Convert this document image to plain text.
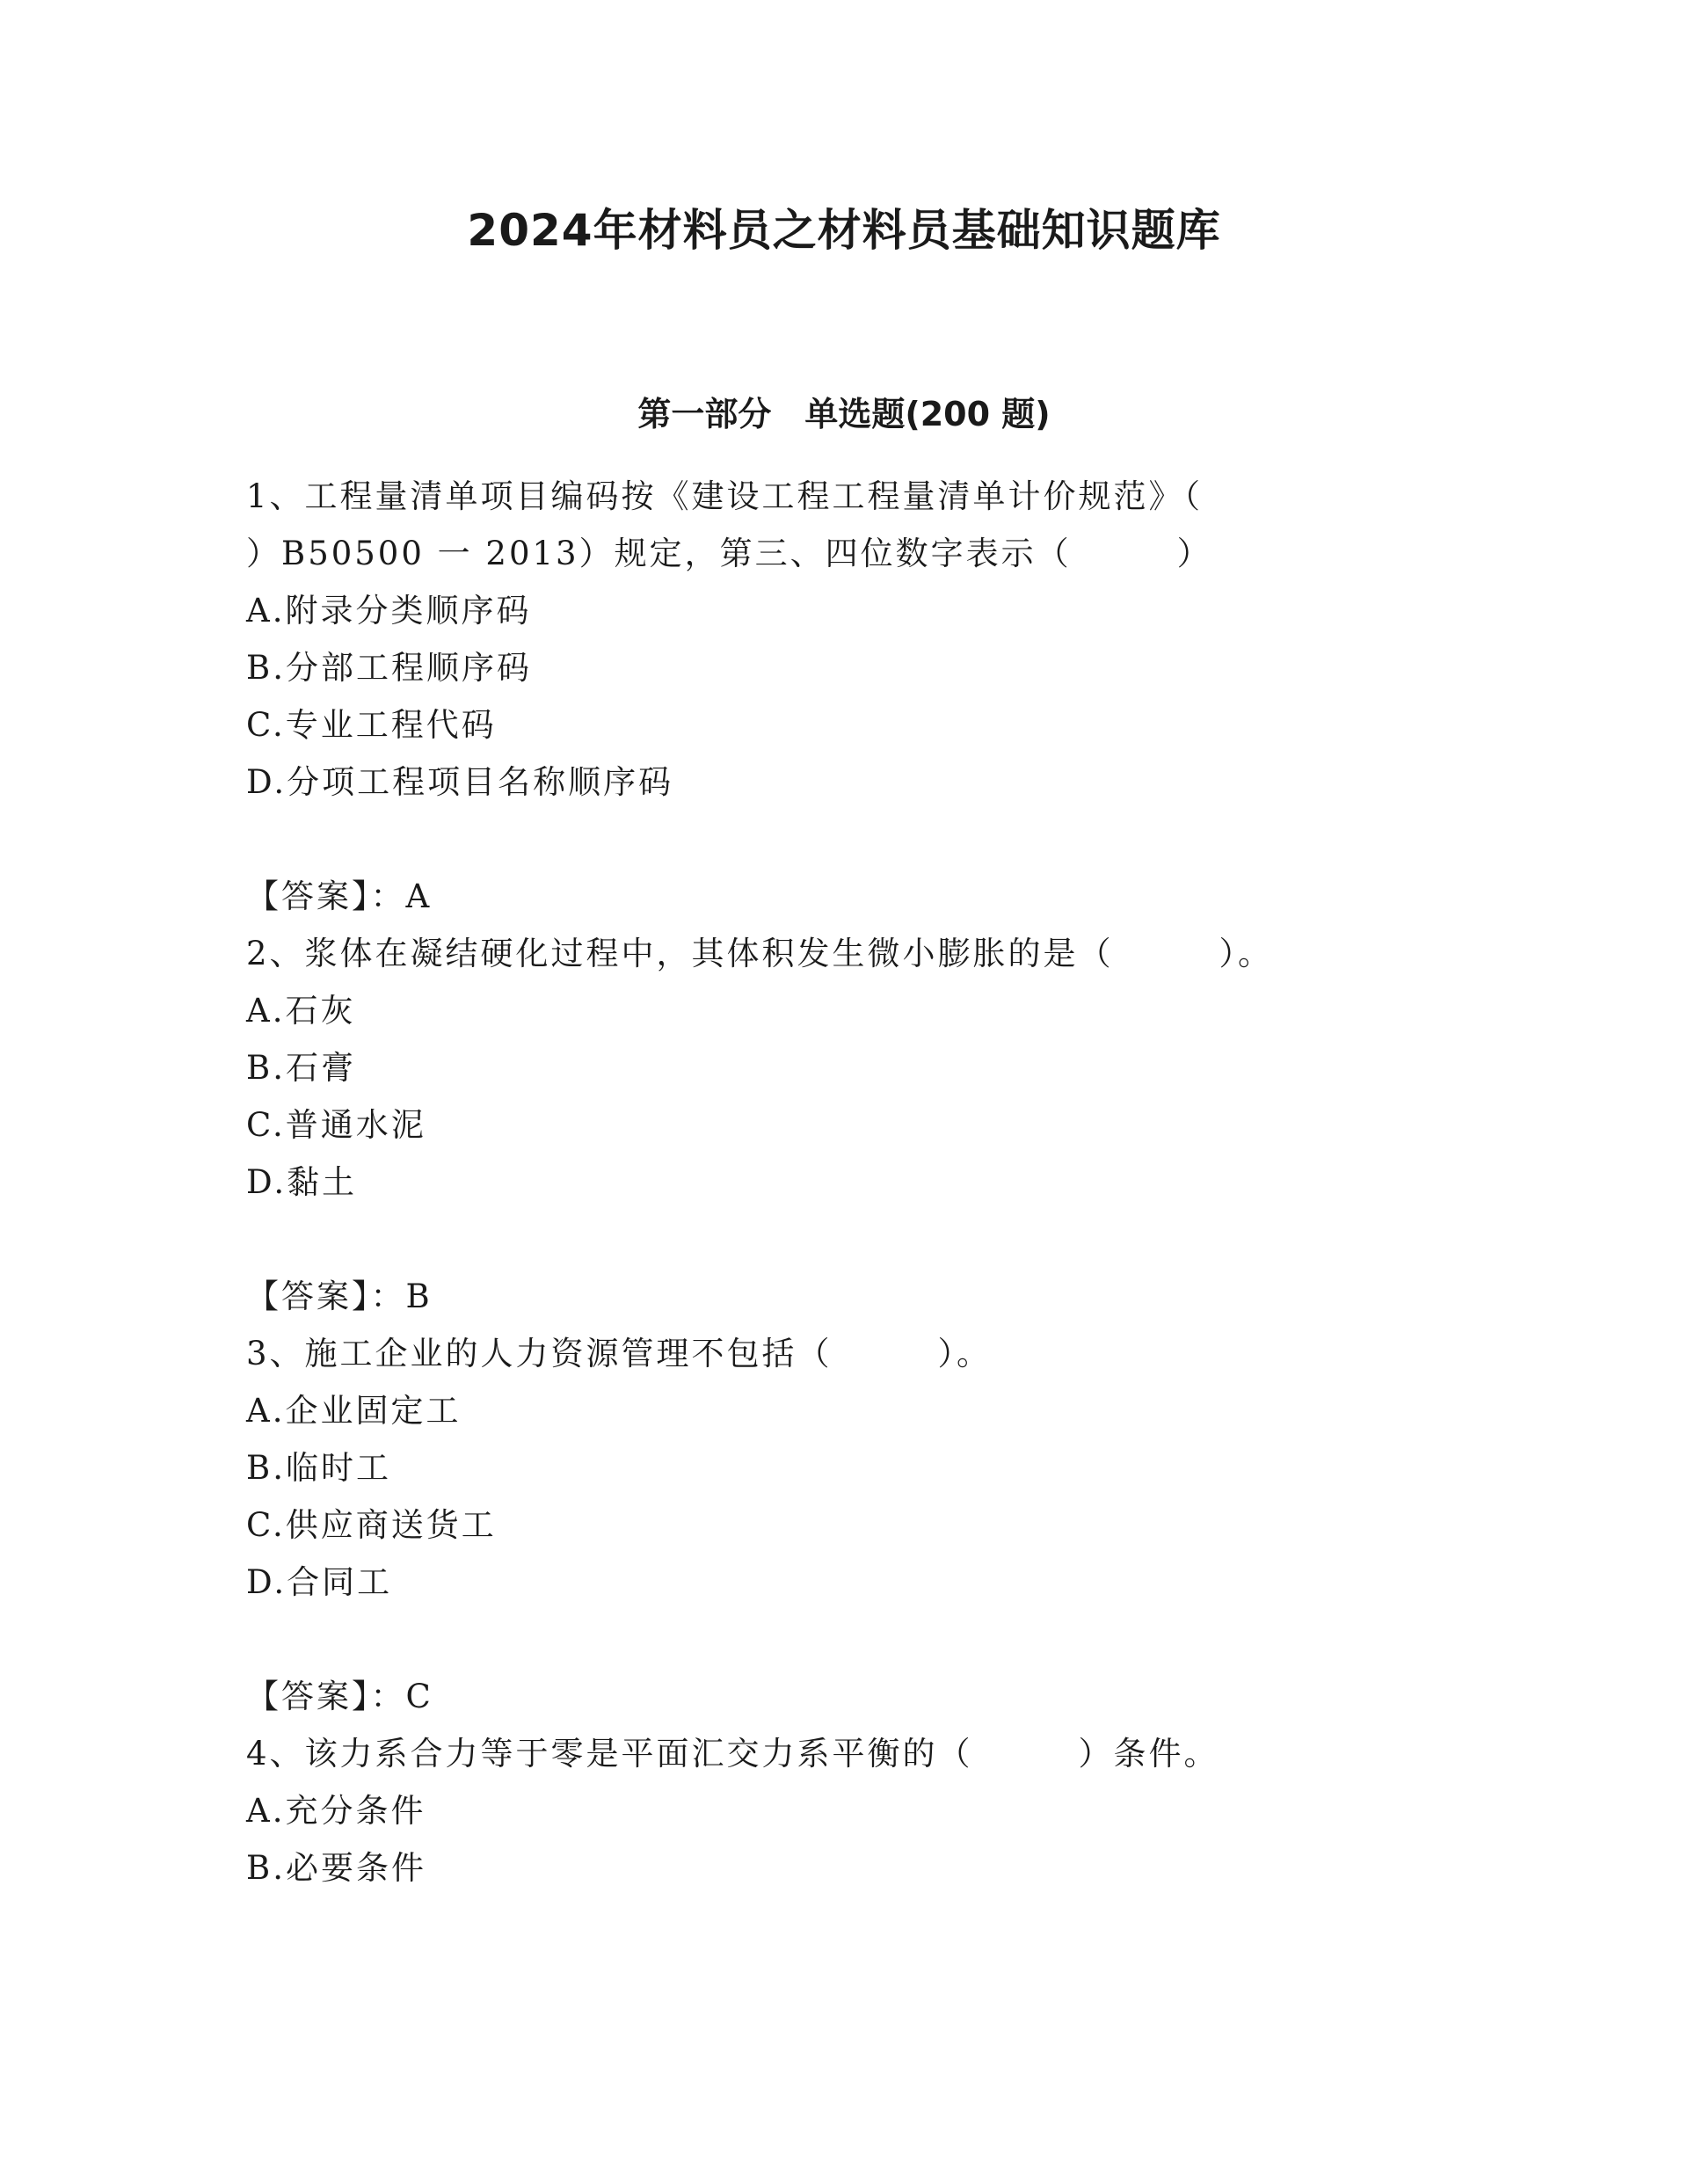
2024年材料员之材料员基础知识题库
第一部分　单选题(200 题)
1、工程量清单项目编码按《建设工程工程量清单计价规范》（
）B50500 一 2013）规定，第三、四位数字表示（　　　）
A.附录分类顺序码
B.分部工程顺序码
C.专业工程代码
D.分项工程项目名称顺序码
【答案】：A
2、浆体在凝结硬化过程中，其体积发生微小膨胀的是（　　　）。
A.石灰
B.石膏
C.普通水泥
D.黏土
【答案】：B
3、施工企业的人力资源管理不包括（　　　）。
A.企业固定工
B.临时工
C.供应商送货工
D.合同工
【答案】：C
4、该力系合力等于零是平面汇交力系平衡的（　　　）条件。
A.充分条件
B.必要条件
